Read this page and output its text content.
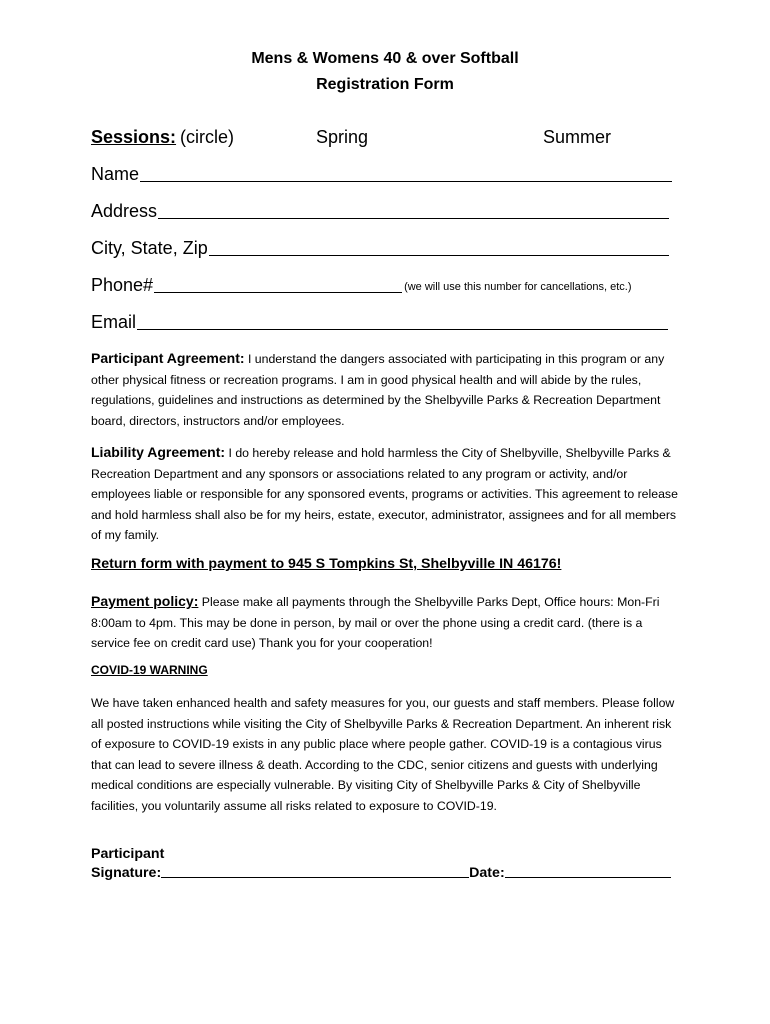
Mens & Womens 40 & over Softball
Registration Form
Sessions: (circle)	Spring	Summer
Name
Address
City, State, Zip
Phone#	(we will use this number for cancellations, etc.)
Email
Participant Agreement: I understand the dangers associated with participating in this program or any other physical fitness or recreation programs. I am in good physical health and will abide by the rules, regulations, guidelines and instructions as determined by the Shelbyville Parks & Recreation Department board, directors, instructors and/or employees.
Liability Agreement: I do hereby release and hold harmless the City of Shelbyville, Shelbyville Parks & Recreation Department and any sponsors or associations related to any program or activity, and/or employees liable or responsible for any sponsored events, programs or activities. This agreement to release and hold harmless shall also be for my heirs, estate, executor, administrator, assignees and for all members of my family.
Return form with payment to 945 S Tompkins St, Shelbyville IN 46176!
Payment policy: Please make all payments through the Shelbyville Parks Dept, Office hours: Mon-Fri 8:00am to 4pm. This may be done in person, by mail or over the phone using a credit card. (there is a service fee on credit card use) Thank you for your cooperation!
COVID-19 WARNING
We have taken enhanced health and safety measures for you, our guests and staff members. Please follow all posted instructions while visiting the City of Shelbyville Parks & Recreation Department. An inherent risk of exposure to COVID-19 exists in any public place where people gather. COVID-19 is a contagious virus that can lead to severe illness & death. According to the CDC, senior citizens and guests with underlying medical conditions are especially vulnerable. By visiting City of Shelbyville Parks & City of Shelbyville facilities, you voluntarily assume all risks related to exposure to COVID-19.
Participant
Signature :	Date :
